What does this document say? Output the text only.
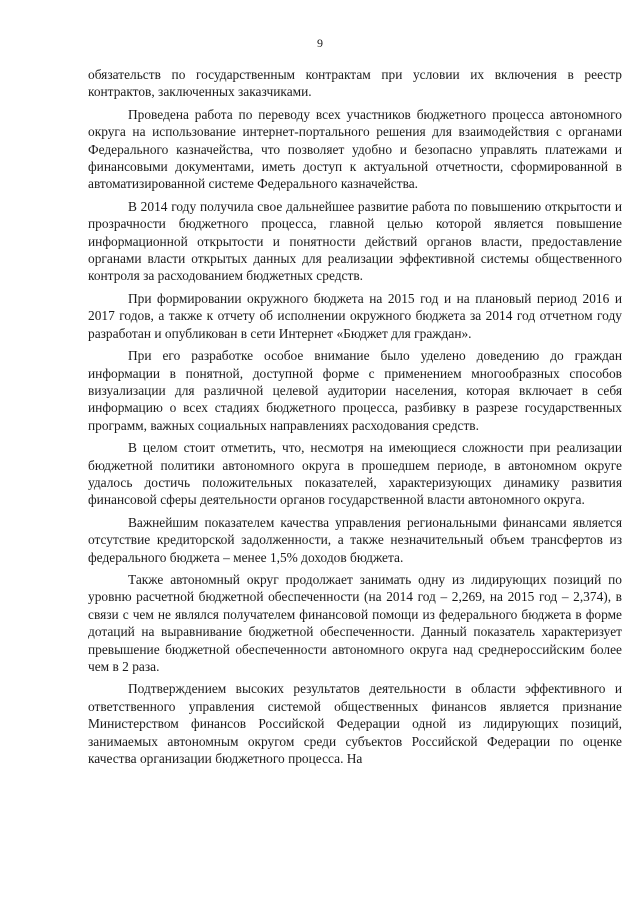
9

обязательств по государственным контрактам при условии их включения в реестр контрактов, заключенных заказчиками.

Проведена работа по переводу всех участников бюджетного процесса автономного округа на использование интернет-портального решения для взаимодействия с органами Федерального казначейства, что позволяет удобно и безопасно управлять платежами и финансовыми документами, иметь доступ к актуальной отчетности, сформированной в автоматизированной системе Федерального казначейства.

В 2014 году получила свое дальнейшее развитие работа по повышению открытости и прозрачности бюджетного процесса, главной целью которой является повышение информационной открытости и понятности действий органов власти, предоставление органами власти открытых данных для реализации эффективной системы общественного контроля за расходованием бюджетных средств.

При формировании окружного бюджета на 2015 год и на плановый период 2016 и 2017 годов, а также к отчету об исполнении окружного бюджета за 2014 год отчетном году разработан и опубликован в сети Интернет «Бюджет для граждан».

При его разработке особое внимание было уделено доведению до граждан информации в понятной, доступной форме с применением многообразных способов визуализации для различной целевой аудитории населения, которая включает в себя информацию о всех стадиях бюджетного процесса, разбивку в разрезе государственных программ, важных социальных направлениях расходования средств.

В целом стоит отметить, что, несмотря на имеющиеся сложности при реализации бюджетной политики автономного округа в прошедшем периоде, в автономном округе удалось достичь положительных показателей, характеризующих динамику развития финансовой сферы деятельности органов государственной власти автономного округа.

Важнейшим показателем качества управления региональными финансами является отсутствие кредиторской задолженности, а также незначительный объем трансфертов из федерального бюджета – менее 1,5% доходов бюджета.

Также автономный округ продолжает занимать одну из лидирующих позиций по уровню расчетной бюджетной обеспеченности (на 2014 год – 2,269, на 2015 год – 2,374), в связи с чем не являлся получателем финансовой помощи из федерального бюджета в форме дотаций на выравнивание бюджетной обеспеченности. Данный показатель характеризует превышение бюджетной обеспеченности автономного округа над среднероссийским более чем в 2 раза.

Подтверждением высоких результатов деятельности в области эффективного и ответственного управления системой общественных финансов является признание Министерством финансов Российской Федерации одной из лидирующих позиций, занимаемых автономным округом среди субъектов Российской Федерации по оценке качества организации бюджетного процесса. На
